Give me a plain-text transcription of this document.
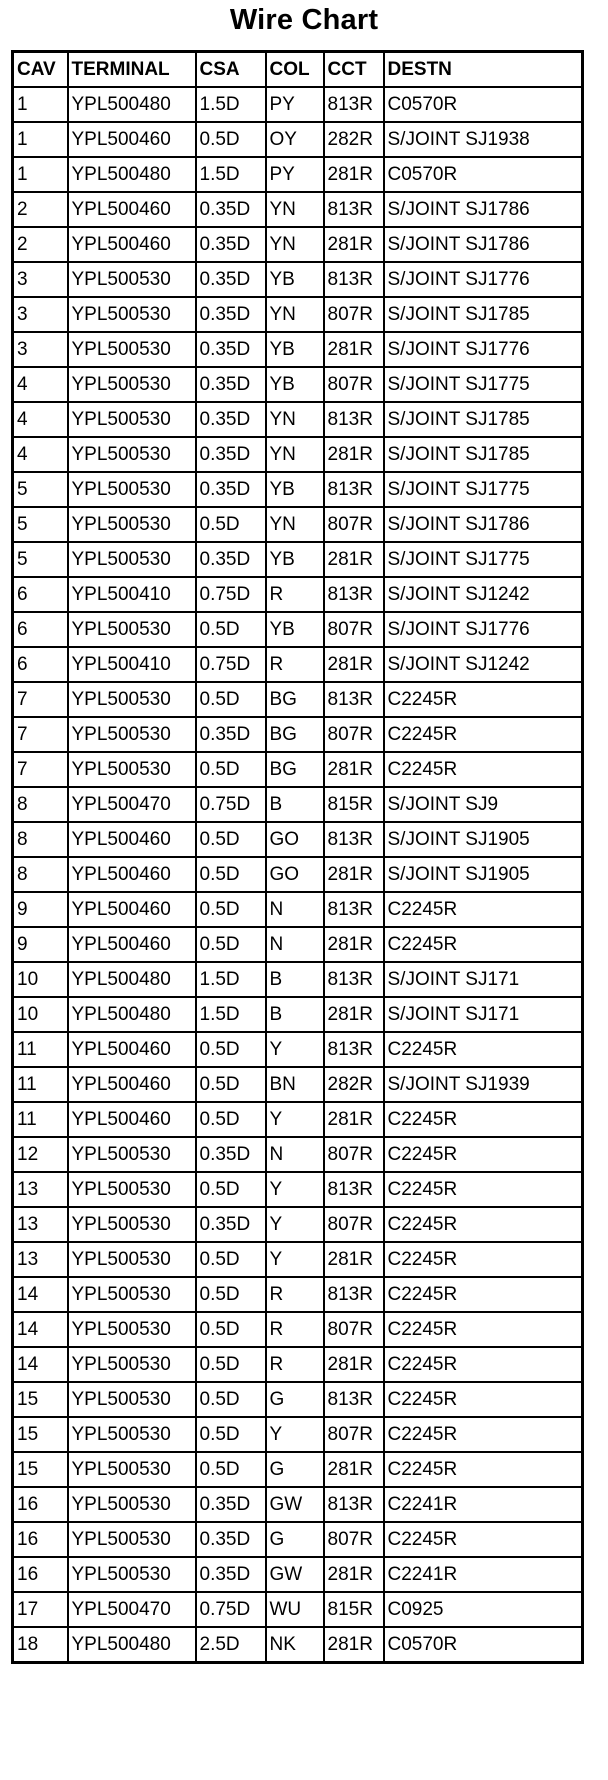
Wire Chart
CAV	TERMINAL	CSA	COL	CCT	DESTN
1	YPL500480	1.5D	PY	813R	C0570R
1	YPL500460	0.5D	OY	282R	S/JOINT SJ1938
1	YPL500480	1.5D	PY	281R	C0570R
2	YPL500460	0.35D	YN	813R	S/JOINT SJ1786
2	YPL500460	0.35D	YN	281R	S/JOINT SJ1786
3	YPL500530	0.35D	YB	813R	S/JOINT SJ1776
3	YPL500530	0.35D	YN	807R	S/JOINT SJ1785
3	YPL500530	0.35D	YB	281R	S/JOINT SJ1776
4	YPL500530	0.35D	YB	807R	S/JOINT SJ1775
4	YPL500530	0.35D	YN	813R	S/JOINT SJ1785
4	YPL500530	0.35D	YN	281R	S/JOINT SJ1785
5	YPL500530	0.35D	YB	813R	S/JOINT SJ1775
5	YPL500530	0.5D	YN	807R	S/JOINT SJ1786
5	YPL500530	0.35D	YB	281R	S/JOINT SJ1775
6	YPL500410	0.75D	R	813R	S/JOINT SJ1242
6	YPL500530	0.5D	YB	807R	S/JOINT SJ1776
6	YPL500410	0.75D	R	281R	S/JOINT SJ1242
7	YPL500530	0.5D	BG	813R	C2245R
7	YPL500530	0.35D	BG	807R	C2245R
7	YPL500530	0.5D	BG	281R	C2245R
8	YPL500470	0.75D	B	815R	S/JOINT SJ9
8	YPL500460	0.5D	GO	813R	S/JOINT SJ1905
8	YPL500460	0.5D	GO	281R	S/JOINT SJ1905
9	YPL500460	0.5D	N	813R	C2245R
9	YPL500460	0.5D	N	281R	C2245R
10	YPL500480	1.5D	B	813R	S/JOINT SJ171
10	YPL500480	1.5D	B	281R	S/JOINT SJ171
11	YPL500460	0.5D	Y	813R	C2245R
11	YPL500460	0.5D	BN	282R	S/JOINT SJ1939
11	YPL500460	0.5D	Y	281R	C2245R
12	YPL500530	0.35D	N	807R	C2245R
13	YPL500530	0.5D	Y	813R	C2245R
13	YPL500530	0.35D	Y	807R	C2245R
13	YPL500530	0.5D	Y	281R	C2245R
14	YPL500530	0.5D	R	813R	C2245R
14	YPL500530	0.5D	R	807R	C2245R
14	YPL500530	0.5D	R	281R	C2245R
15	YPL500530	0.5D	G	813R	C2245R
15	YPL500530	0.5D	Y	807R	C2245R
15	YPL500530	0.5D	G	281R	C2245R
16	YPL500530	0.35D	GW	813R	C2241R
16	YPL500530	0.35D	G	807R	C2245R
16	YPL500530	0.35D	GW	281R	C2241R
17	YPL500470	0.75D	WU	815R	C0925
18	YPL500480	2.5D	NK	281R	C0570R
